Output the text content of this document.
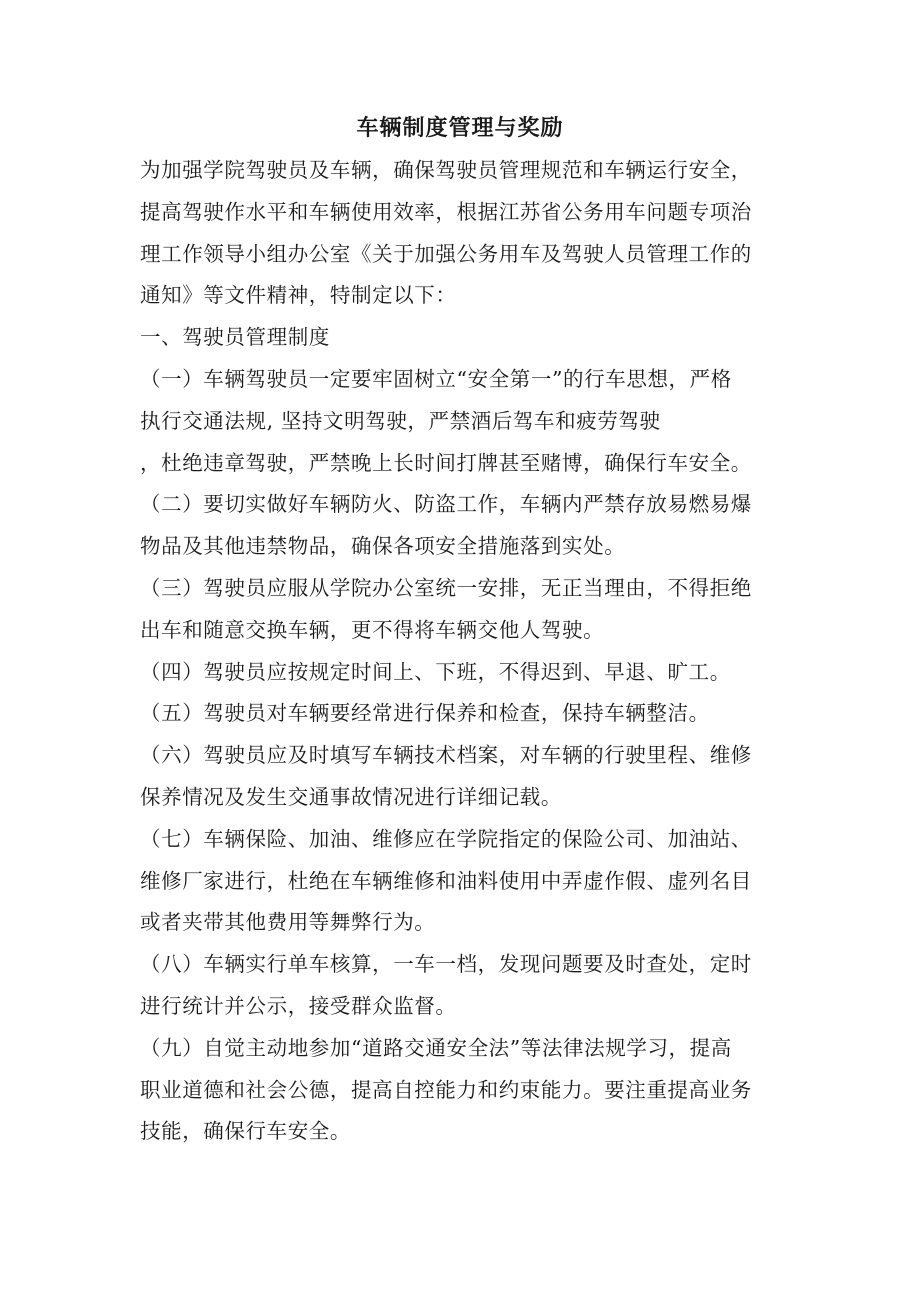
车辆制度管理与奖励
为加强学院驾驶员及车辆，确保驾驶员管理规范和车辆运行安全，
提高驾驶作水平和车辆使用效率，根据江苏省公务用车问题专项治
理工作领导小组办公室《关于加强公务用车及驾驶人员管理工作的
通知》等文件精神，特制定以下：
一、驾驶员管理制度
（一）车辆驾驶员一定要牢固树立“安全第一”的行车思想，严格
执行交通法规, 坚持文明驾驶，严禁酒后驾车和疲劳驾驶
，杜绝违章驾驶，严禁晚上长时间打牌甚至赌博，确保行车安全。
（二）要切实做好车辆防火、防盗工作，车辆内严禁存放易燃易爆
物品及其他违禁物品，确保各项安全措施落到实处。
（三）驾驶员应服从学院办公室统一安排，无正当理由，不得拒绝
出车和随意交换车辆，更不得将车辆交他人驾驶。
（四）驾驶员应按规定时间上、下班，不得迟到、早退、旷工。
（五）驾驶员对车辆要经常进行保养和检查，保持车辆整洁。
（六）驾驶员应及时填写车辆技术档案，对车辆的行驶里程、维修
保养情况及发生交通事故情况进行详细记载。
（七）车辆保险、加油、维修应在学院指定的保险公司、加油站、
维修厂家进行，杜绝在车辆维修和油料使用中弄虚作假、虚列名目
或者夹带其他费用等舞弊行为。
（八）车辆实行单车核算，一车一档，发现问题要及时查处，定时
进行统计并公示，接受群众监督。
（九）自觉主动地参加“道路交通安全法”等法律法规学习，提高
职业道德和社会公德，提高自控能力和约束能力。要注重提高业务
技能，确保行车安全。
